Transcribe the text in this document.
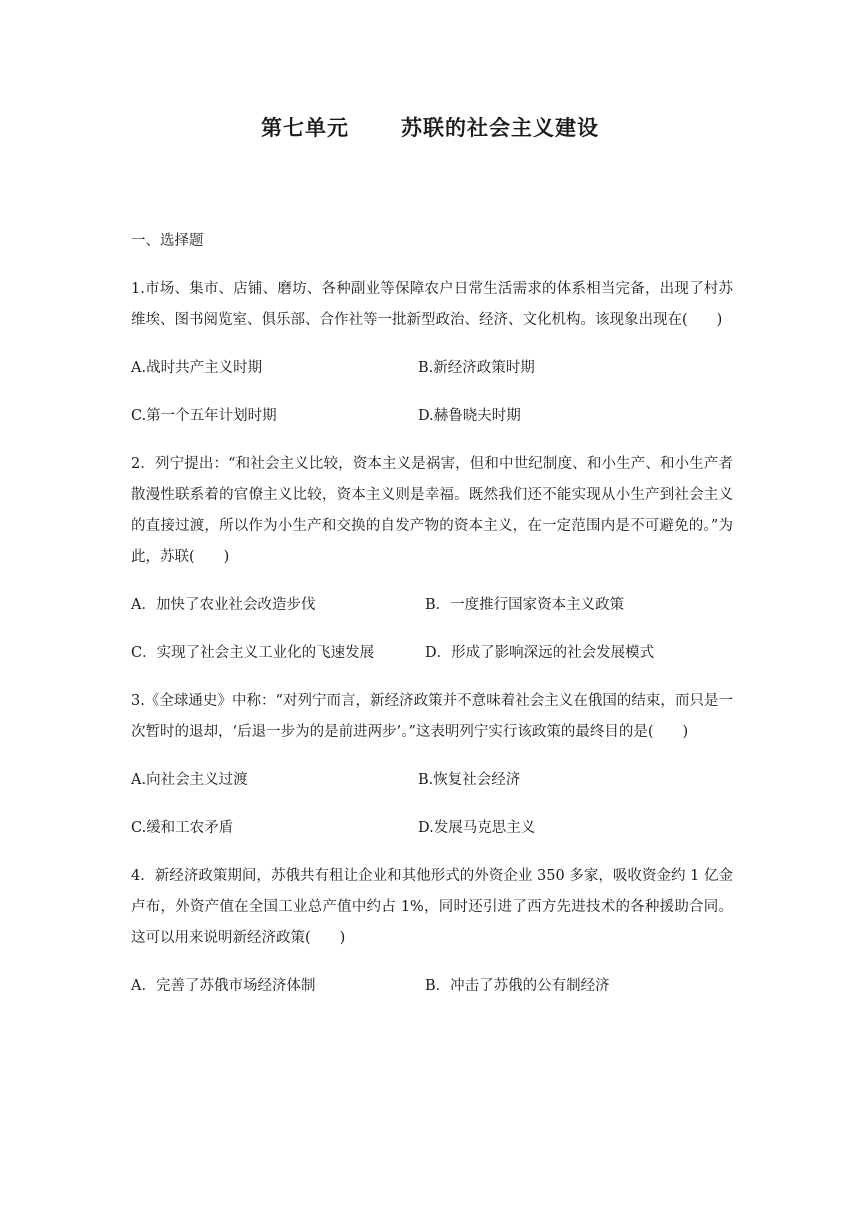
第七单元 苏联的社会主义建设
一、选择题
1.市场、集市、店铺、磨坊、各种副业等保障农户日常生活需求的体系相当完备，出现了村苏维埃、图书阅览室、俱乐部、合作社等一批新型政治、经济、文化机构。该现象出现在(　　)
A.战时共产主义时期	B.新经济政策时期
C.第一个五年计划时期	D.赫鲁晓夫时期
2．列宁提出：“和社会主义比较，资本主义是祸害，但和中世纪制度、和小生产、和小生产者散漫性联系着的官僚主义比较，资本主义则是幸福。既然我们还不能实现从小生产到社会主义的直接过渡，所以作为小生产和交换的自发产物的资本主义，在一定范围内是不可避免的。”为此，苏联(　　)
A．加快了农业社会改造步伐	B．一度推行国家资本主义政策
C．实现了社会主义工业化的飞速发展	D．形成了影响深远的社会发展模式
3.《全球通史》中称：“对列宁而言，新经济政策并不意味着社会主义在俄国的结束，而只是一次暂时的退却，‘后退一步为的是前进两步’。”这表明列宁实行该政策的最终目的是(　　)
A.向社会主义过渡	B.恢复社会经济
C.缓和工农矛盾	D.发展马克思主义
4．新经济政策期间，苏俄共有租让企业和其他形式的外资企业 350 多家，吸收资金约 1 亿金卢布，外资产值在全国工业总产值中约占 1%，同时还引进了西方先进技术的各种援助合同。这可以用来说明新经济政策(　　)
A．完善了苏俄市场经济体制	B．冲击了苏俄的公有制经济
